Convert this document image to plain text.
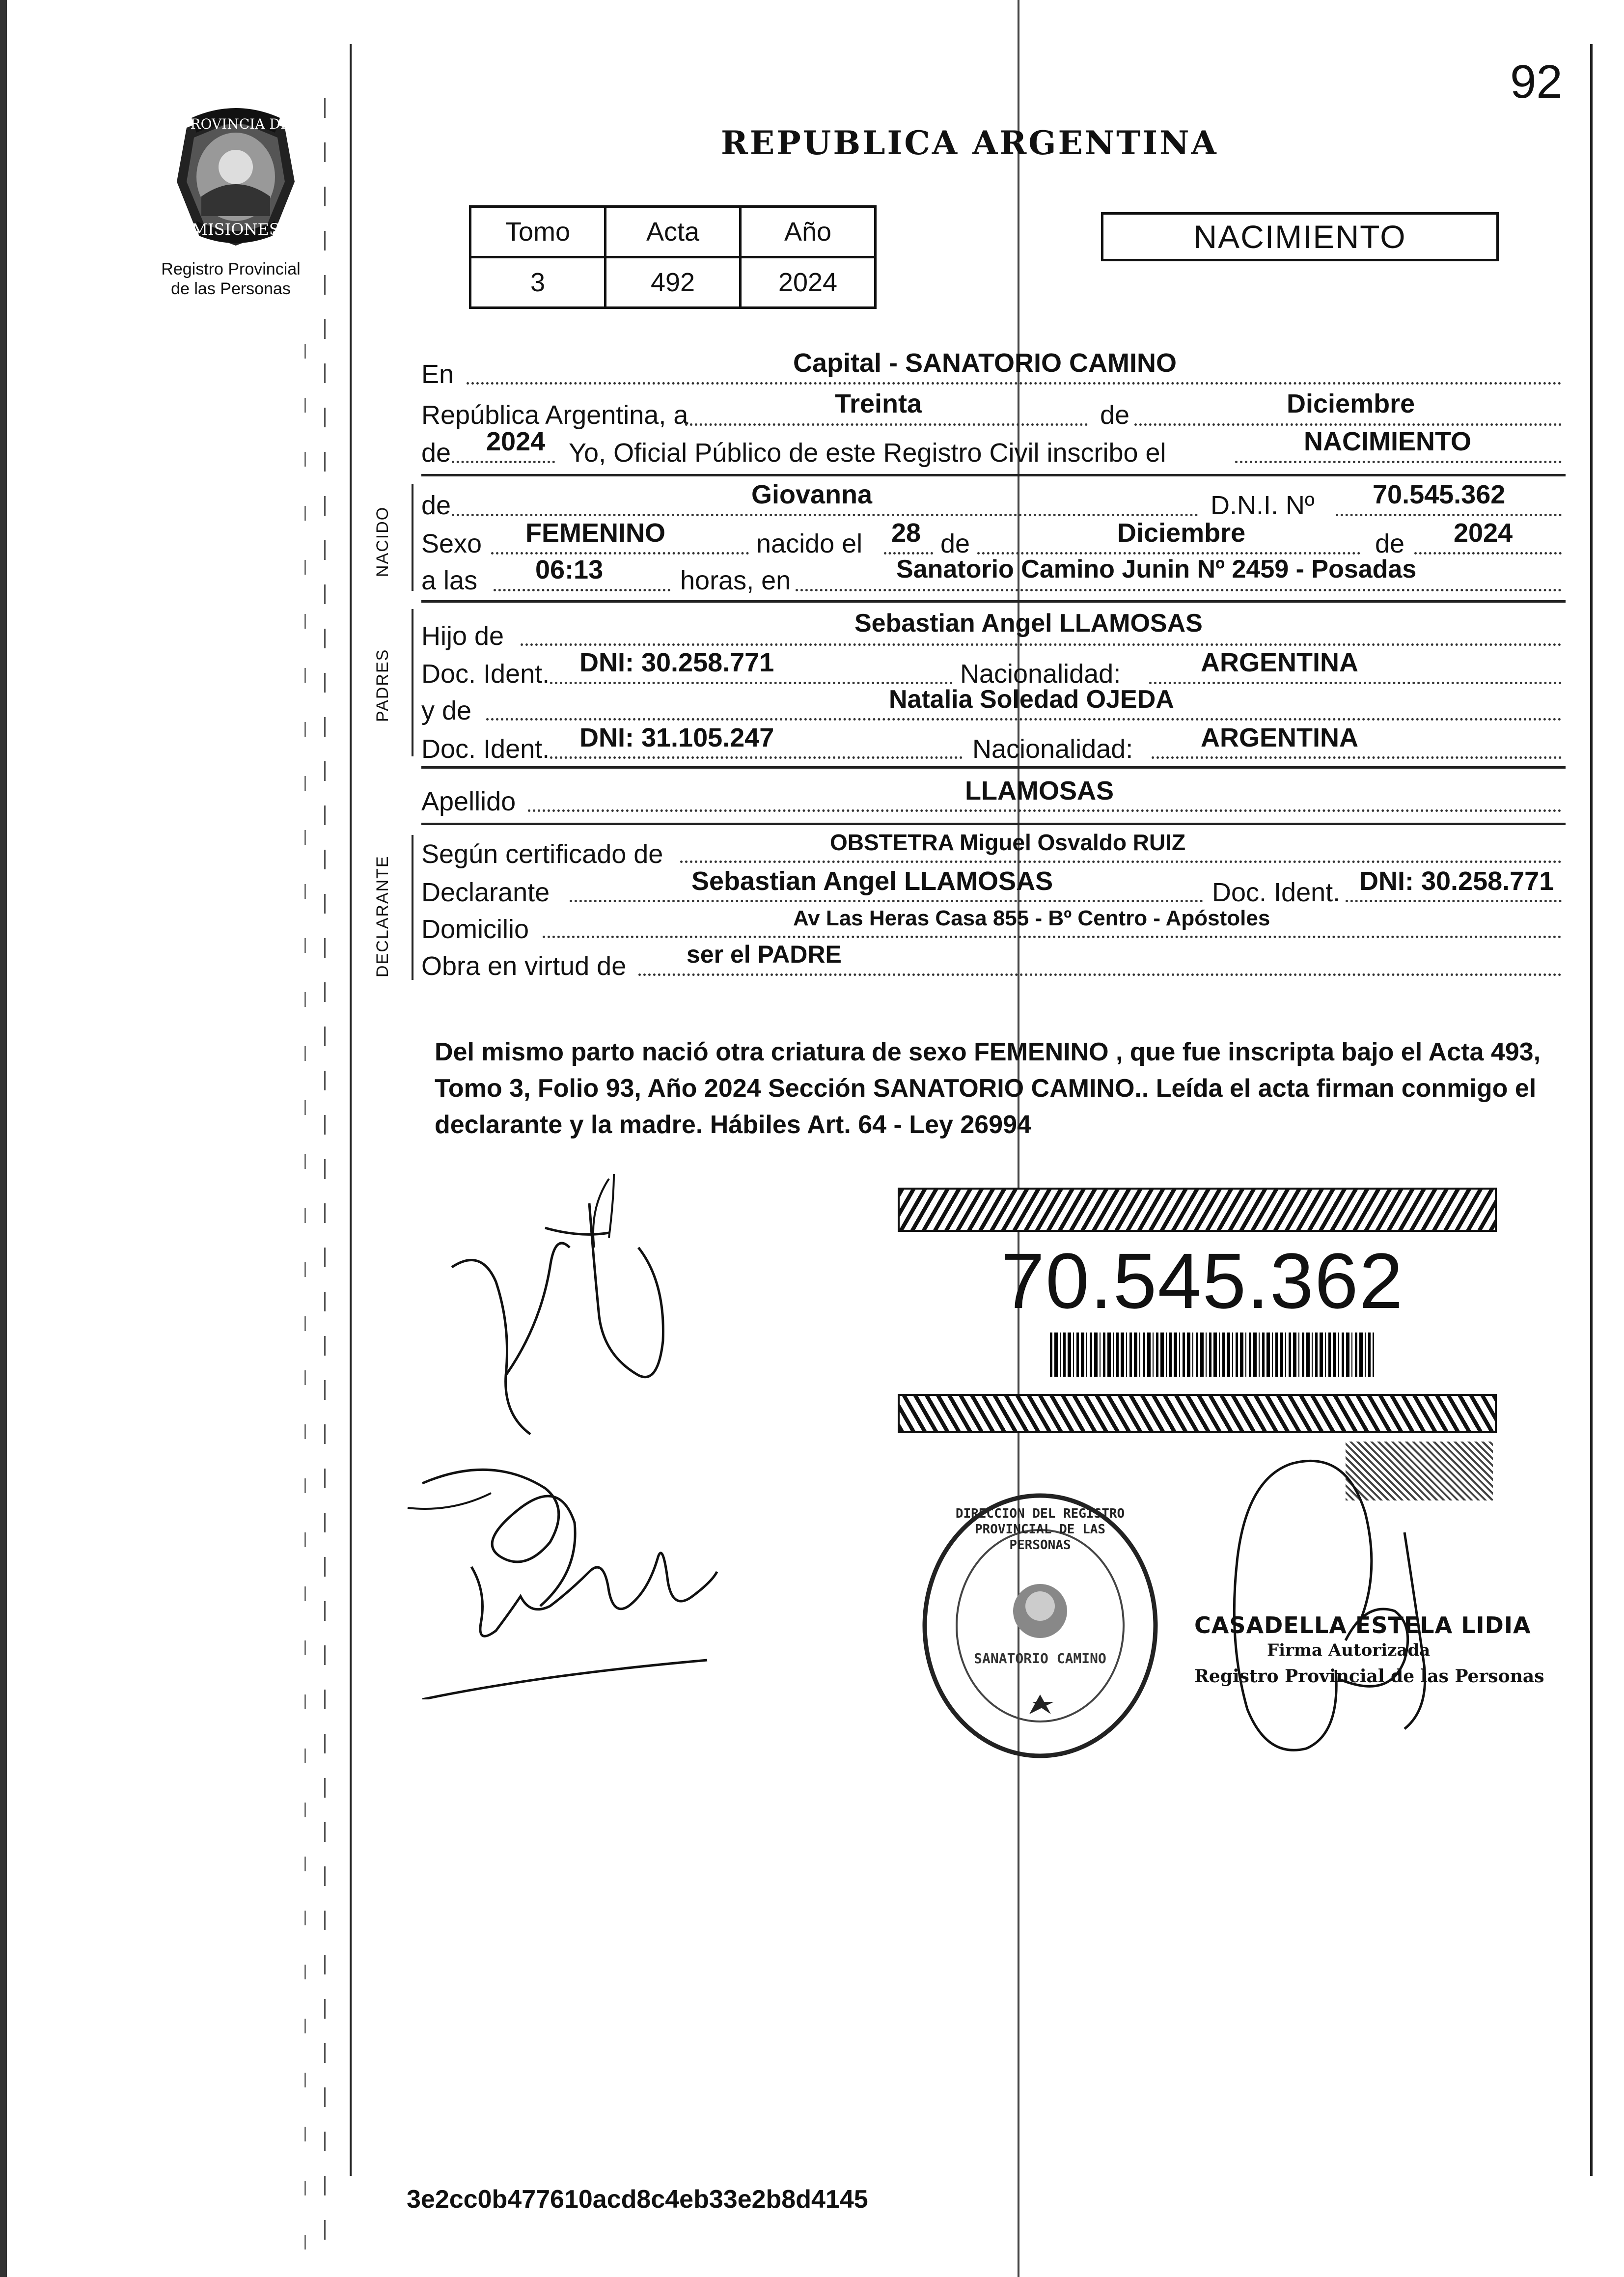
92
PROVINCIA DE
MISIONES
Registro Provincial
de las Personas
REPUBLICA ARGENTINA
Tomo	Acta	Año
3	492	2024
NACIMIENTO
En	Capital - SANATORIO CAMINO
República Argentina, a	Treinta	de	Diciembre
de 2024 Yo, Oficial Público de este Registro Civil inscribo el	NACIMIENTO
NACIDO
de	Giovanna	D.N.I. Nº 70.545.362
Sexo FEMENINO	nacido el 28 de	Diciembre	de 2024
a las 06:13	horas, en	Sanatorio Camino Junin Nº 2459 - Posadas
PADRES
Hijo de	Sebastian Angel LLAMOSAS
Doc. Ident. DNI: 30.258.771	Nacionalidad:	ARGENTINA
y de	Natalia Soledad OJEDA
Doc. Ident. DNI: 31.105.247	Nacionalidad:	ARGENTINA
Apellido	LLAMOSAS
DECLARANTE
Según certificado de	OBSTETRA Miguel Osvaldo RUIZ
Declarante	Sebastian Angel LLAMOSAS	Doc. Ident. DNI: 30.258.771
Domicilio	Av Las Heras Casa 855 - Bº Centro - Apóstoles
Obra en virtud de ser el PADRE
Del mismo parto nació otra criatura de sexo FEMENINO , que fue inscripta bajo el Acta 493, Tomo 3, Folio 93, Año 2024 Sección SANATORIO CAMINO.. Leída el acta firman conmigo el declarante y la madre. Hábiles Art. 64 - Ley 26994
70.545.362
DIRECCION DEL REGISTRO PROVINCIAL DE LAS PERSONAS
SANATORIO CAMINO
CASADELLA ESTELA LIDIA
Firma Autorizada
Registro Provincial de las Personas
3e2cc0b477610acd8c4eb33e2b8d4145
